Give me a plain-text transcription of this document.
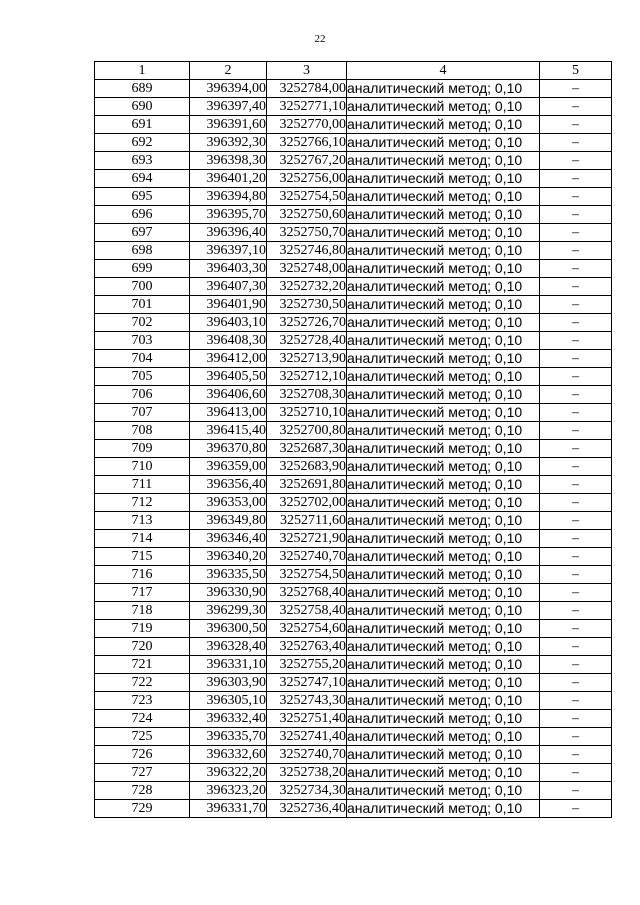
22
1	2	3	4	5
689	396394,00	3252784,00	аналитический метод; 0,10	–
690	396397,40	3252771,10	аналитический метод; 0,10	–
691	396391,60	3252770,00	аналитический метод; 0,10	–
692	396392,30	3252766,10	аналитический метод; 0,10	–
693	396398,30	3252767,20	аналитический метод; 0,10	–
694	396401,20	3252756,00	аналитический метод; 0,10	–
695	396394,80	3252754,50	аналитический метод; 0,10	–
696	396395,70	3252750,60	аналитический метод; 0,10	–
697	396396,40	3252750,70	аналитический метод; 0,10	–
698	396397,10	3252746,80	аналитический метод; 0,10	–
699	396403,30	3252748,00	аналитический метод; 0,10	–
700	396407,30	3252732,20	аналитический метод; 0,10	–
701	396401,90	3252730,50	аналитический метод; 0,10	–
702	396403,10	3252726,70	аналитический метод; 0,10	–
703	396408,30	3252728,40	аналитический метод; 0,10	–
704	396412,00	3252713,90	аналитический метод; 0,10	–
705	396405,50	3252712,10	аналитический метод; 0,10	–
706	396406,60	3252708,30	аналитический метод; 0,10	–
707	396413,00	3252710,10	аналитический метод; 0,10	–
708	396415,40	3252700,80	аналитический метод; 0,10	–
709	396370,80	3252687,30	аналитический метод; 0,10	–
710	396359,00	3252683,90	аналитический метод; 0,10	–
711	396356,40	3252691,80	аналитический метод; 0,10	–
712	396353,00	3252702,00	аналитический метод; 0,10	–
713	396349,80	3252711,60	аналитический метод; 0,10	–
714	396346,40	3252721,90	аналитический метод; 0,10	–
715	396340,20	3252740,70	аналитический метод; 0,10	–
716	396335,50	3252754,50	аналитический метод; 0,10	–
717	396330,90	3252768,40	аналитический метод; 0,10	–
718	396299,30	3252758,40	аналитический метод; 0,10	–
719	396300,50	3252754,60	аналитический метод; 0,10	–
720	396328,40	3252763,40	аналитический метод; 0,10	–
721	396331,10	3252755,20	аналитический метод; 0,10	–
722	396303,90	3252747,10	аналитический метод; 0,10	–
723	396305,10	3252743,30	аналитический метод; 0,10	–
724	396332,40	3252751,40	аналитический метод; 0,10	–
725	396335,70	3252741,40	аналитический метод; 0,10	–
726	396332,60	3252740,70	аналитический метод; 0,10	–
727	396322,20	3252738,20	аналитический метод; 0,10	–
728	396323,20	3252734,30	аналитический метод; 0,10	–
729	396331,70	3252736,40	аналитический метод; 0,10	–
